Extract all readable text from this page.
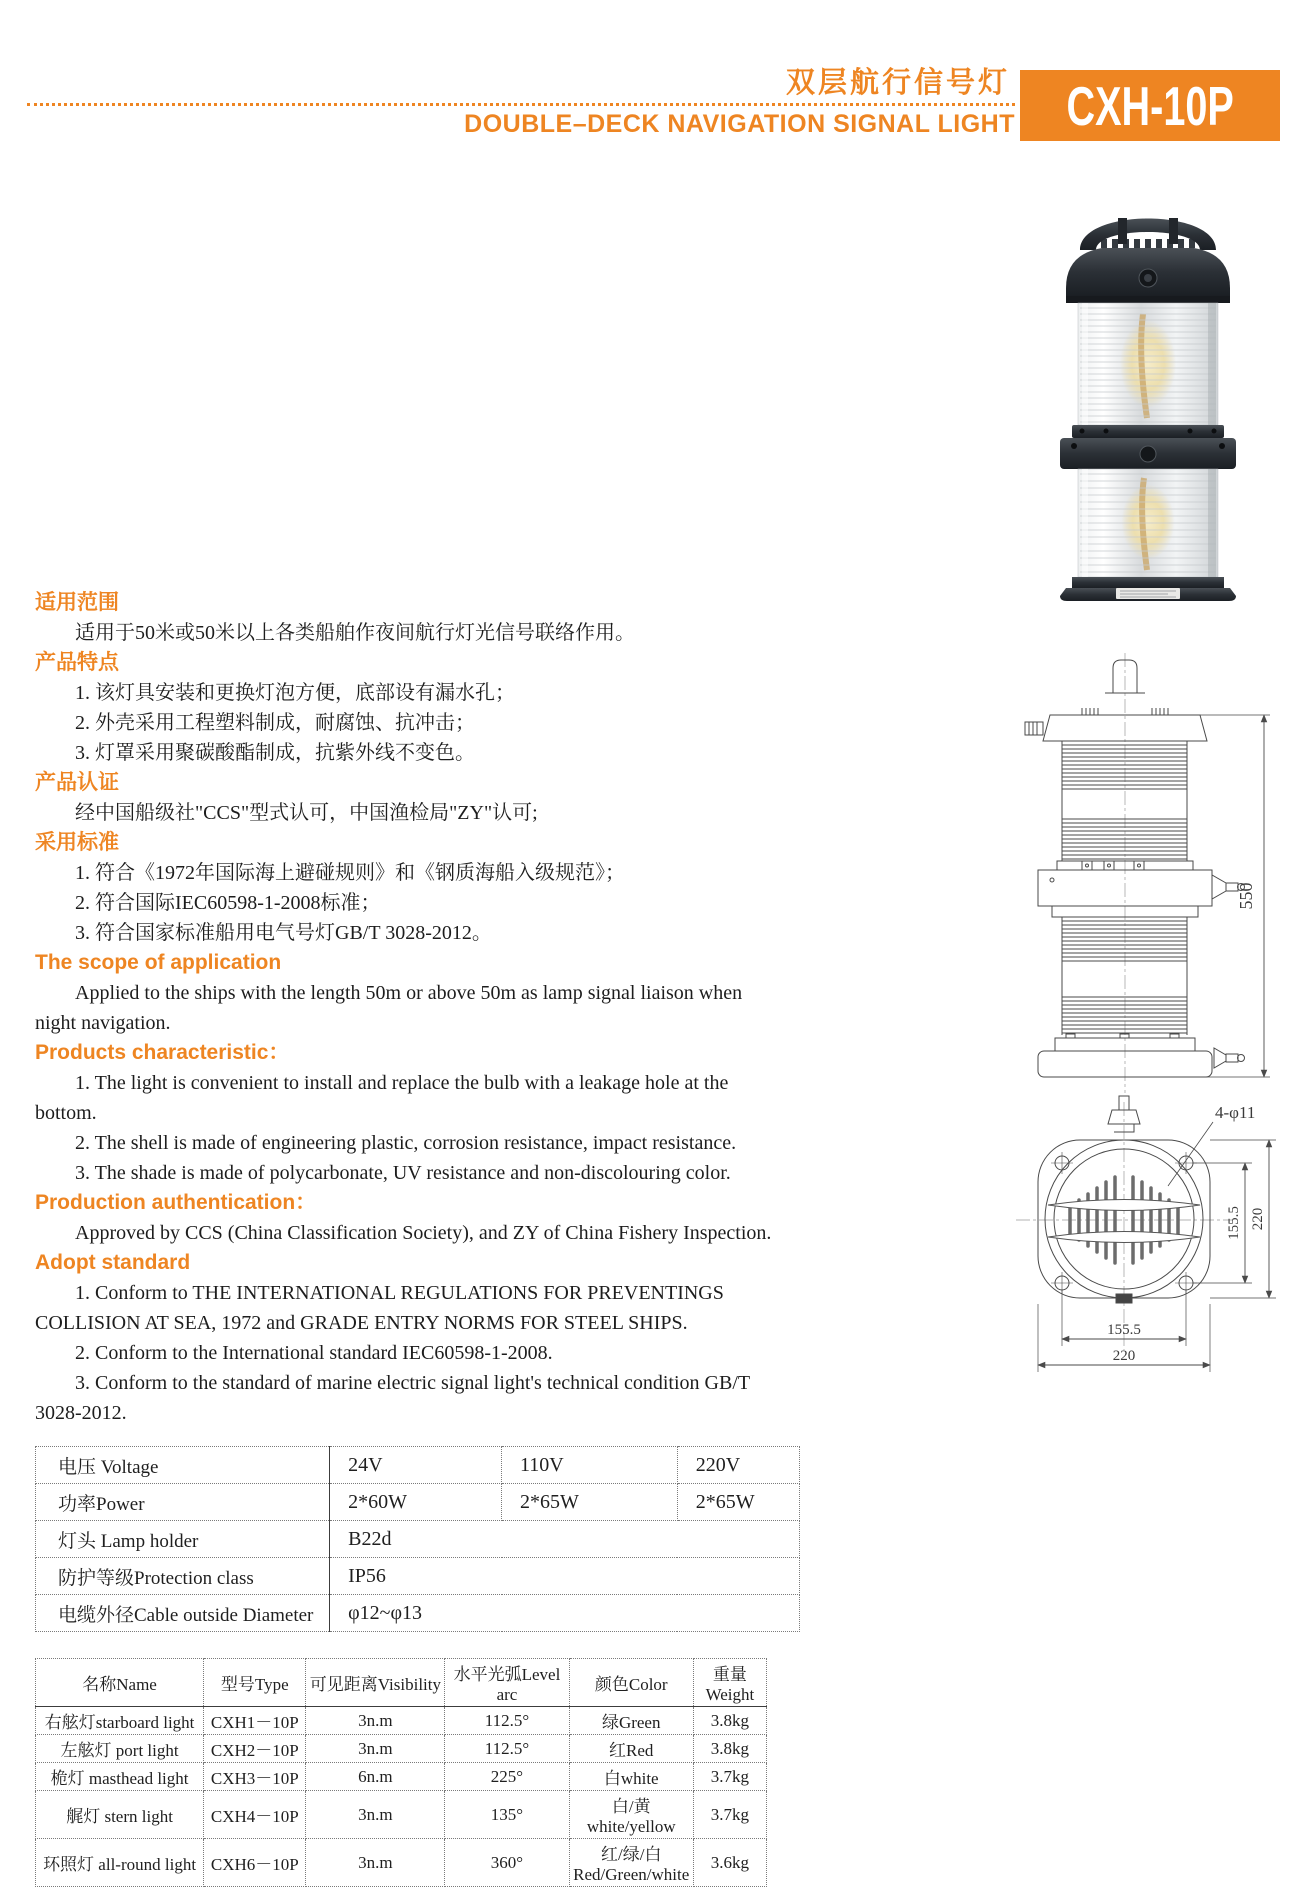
双层航行信号灯
DOUBLE–DECK NAVIGATION SIGNAL LIGHT CXH-10P
适用范围

适用于50米或50米以上各类船舶作夜间航行灯光信号联络作用。

产品特点

1. 该灯具安装和更换灯泡方便，底部设有漏水孔；

2. 外壳采用工程塑料制成，耐腐蚀、抗冲击；

3. 灯罩采用聚碳酸酯制成，抗紫外线不变色。

产品认证

经中国船级社"CCS"型式认可，中国渔检局"ZY"认可;

采用标准

1. 符合《1972年国际海上避碰规则》和《钢质海船入级规范》；

2. 符合国际IEC60598-1-2008标准；

3. 符合国家标准船用电气号灯GB/T 3028-2012。

The scope of application

Applied to the ships with the length 50m or above 50m as lamp signal liaison when night navigation.

Products characteristic：

1. The light is convenient to install and replace the bulb with a leakage hole at the bottom.

2. The shell is made of engineering plastic, corrosion resistance, impact resistance.

3. The shade is made of polycarbonate, UV resistance and non-discolouring color.

Production authentication：

Approved by CCS (China Classification Society), and ZY of China Fishery Inspection.

Adopt standard

1. Conform to THE INTERNATIONAL REGULATIONS FOR PREVENTINGS COLLISION AT SEA, 1972 and GRADE ENTRY NORMS FOR STEEL SHIPS.

2. Conform to the International standard IEC60598-1-2008.

3. Conform to the standard of marine electric signal light's technical condition GB/T 3028-2012.

电压 Voltage	24V	110V	220V
功率Power	2*60W	2*65W	2*65W
灯头 Lamp holder	B22d		
防护等级Protection class	IP56		
电缆外径Cable outside Diameter	φ12~φ13		
名称Name	型号Type	可见距离Visibility	水平光弧Level arc	颜色Color	重量Weight
右舷灯starboard light	CXH1－10P	3n.m	112.5°	绿Green	3.8kg
左舷灯 port light	CXH2－10P	3n.m	112.5°	红Red	3.8kg
桅灯 masthead light	CXH3－10P	6n.m	225°	白white	3.7kg
艉灯 stern light	CXH4－10P	3n.m	135°	白/黄 white/yellow	3.7kg
环照灯 all-round light	CXH6－10P	3n.m	360°	红/绿/白 Red/Green/white	3.6kg
550
4-φ11
155.5 220
155.5
220
